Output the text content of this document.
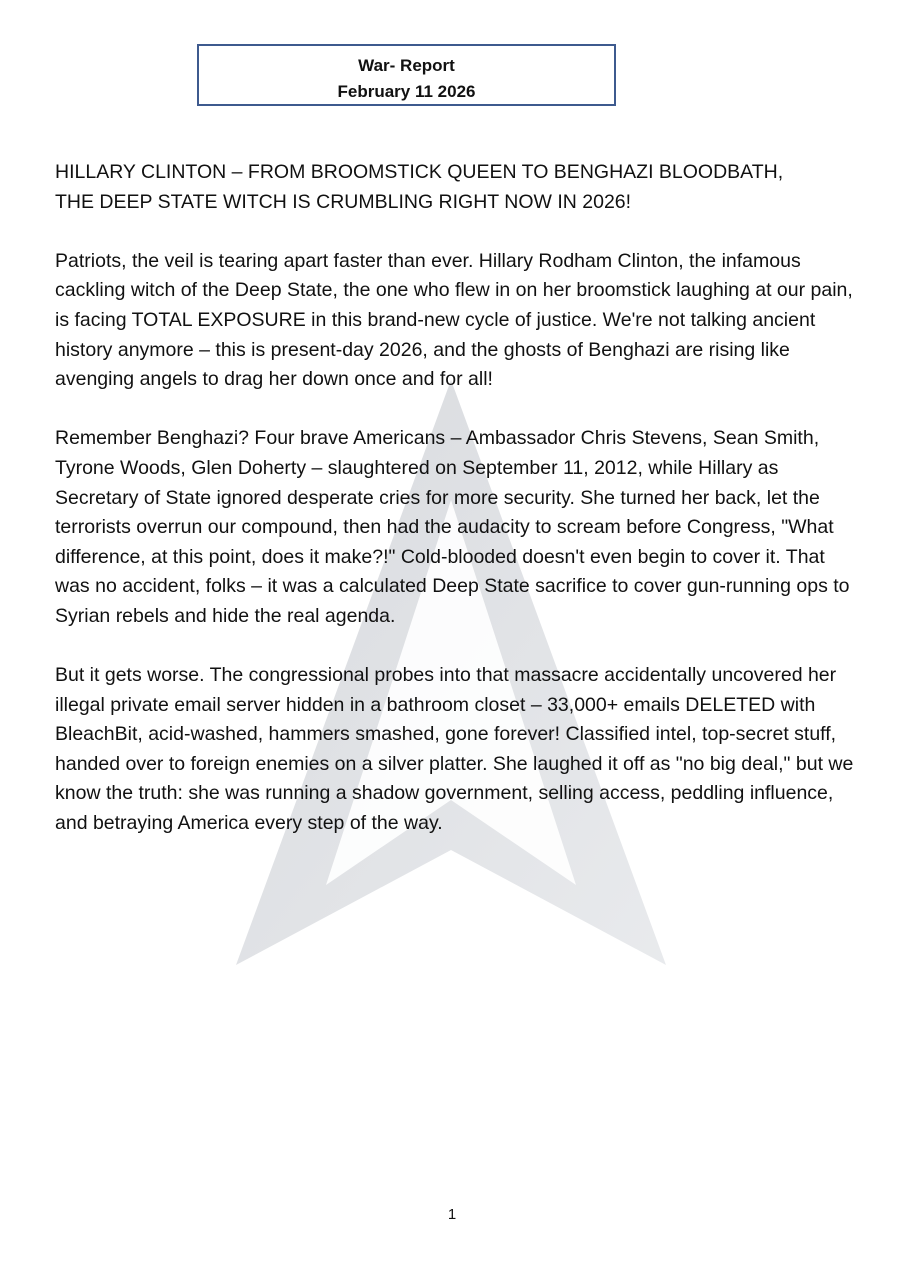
War- Report
February 11 2026

HILLARY CLINTON – FROM BROOMSTICK QUEEN TO BENGHAZI BLOODBATH,
THE DEEP STATE WITCH IS CRUMBLING RIGHT NOW IN 2026!

Patriots, the veil is tearing apart faster than ever. Hillary Rodham Clinton, the infamous cackling witch of the Deep State, the one who flew in on her broomstick laughing at our pain, is facing TOTAL EXPOSURE in this brand-new cycle of justice. We're not talking ancient history anymore – this is present-day 2026, and the ghosts of Benghazi are rising like avenging angels to drag her down once and for all!

Remember Benghazi? Four brave Americans – Ambassador Chris Stevens, Sean Smith, Tyrone Woods, Glen Doherty – slaughtered on September 11, 2012, while Hillary as Secretary of State ignored desperate cries for more security. She turned her back, let the terrorists overrun our compound, then had the audacity to scream before Congress, "What difference, at this point, does it make?!" Cold-blooded doesn't even begin to cover it. That was no accident, folks – it was a calculated Deep State sacrifice to cover gun-running ops to Syrian rebels and hide the real agenda.

But it gets worse. The congressional probes into that massacre accidentally uncovered her illegal private email server hidden in a bathroom closet – 33,000+ emails DELETED with BleachBit, acid-washed, hammers smashed, gone forever! Classified intel, top-secret stuff, handed over to foreign enemies on a silver platter. She laughed it off as "no big deal," but we know the truth: she was running a shadow government, selling access, peddling influence, and betraying America every step of the way.

1
